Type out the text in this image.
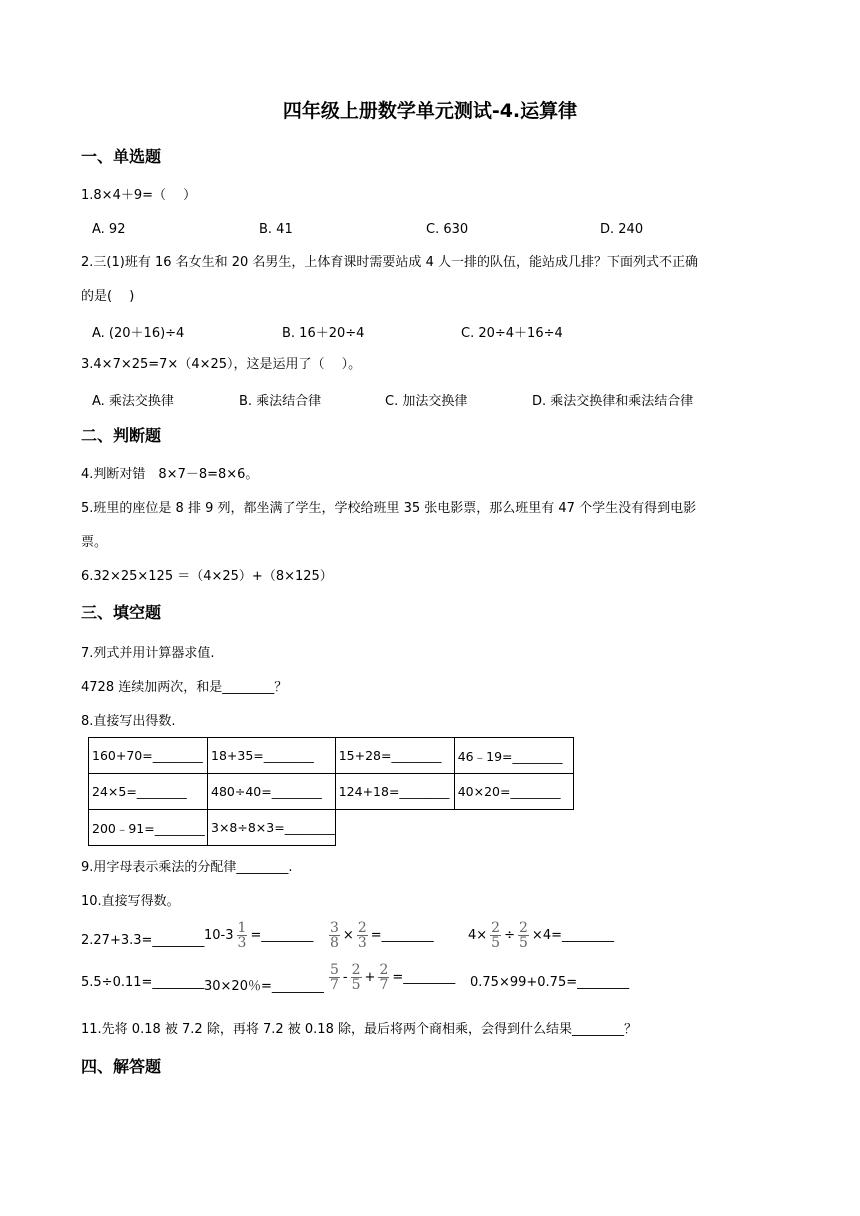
四年级上册数学单元测试-4.运算律
一、单选题
1.8×4＋9=（　 ）
A. 92	B. 41	C. 630	D. 240
2.三(1)班有 16 名女生和 20 名男生，上体育课时需要站成 4 人一排的队伍，能站成几排？下面列式不正确
的是(　 )
A. (20＋16)÷4	B. 16＋20÷4	C. 20÷4＋16÷4
3.4×7×25=7×（4×25），这是运用了（　 ）。
A. 乘法交换律	B. 乘法结合律	C. 加法交换律	D. 乘法交换律和乘法结合律
二、判断题
4.判断对错　8×7－8=8×6。
5.班里的座位是 8 排 9 列，都坐满了学生，学校给班里 35 张电影票，那么班里有 47 个学生没有得到电影
票。
6.32×25×125 ＝（4×25）+（8×125）
三、填空题
7.列式并用计算器求值.
4728 连续加两次，和是________？
8.直接写出得数.
160+70=________	18+35=________	15+28=________	46﹣19=________
24×5=________	480÷40=________	124+18=________	40×20=________
200﹣91=________	3×8÷8×3=________		
9.用字母表示乘法的分配律________.
10.直接写得数。
2.27+3.3=________ $10-3 \frac{1}{3}$ =________ $\frac{3}{8} \times \frac{2}{3}$ =________	$4\times \frac{2}{5} \div \frac{2}{5}$ ×4=________
5.5÷0.11=________ 30×20％=________ $\frac{5}{7} - \frac{2}{5} + \frac{2}{7}$ =________ 0.75×99+0.75=________
11.先将 0.18 被 7.2 除，再将 7.2 被 0.18 除，最后将两个商相乘，会得到什么结果________？
四、解答题
